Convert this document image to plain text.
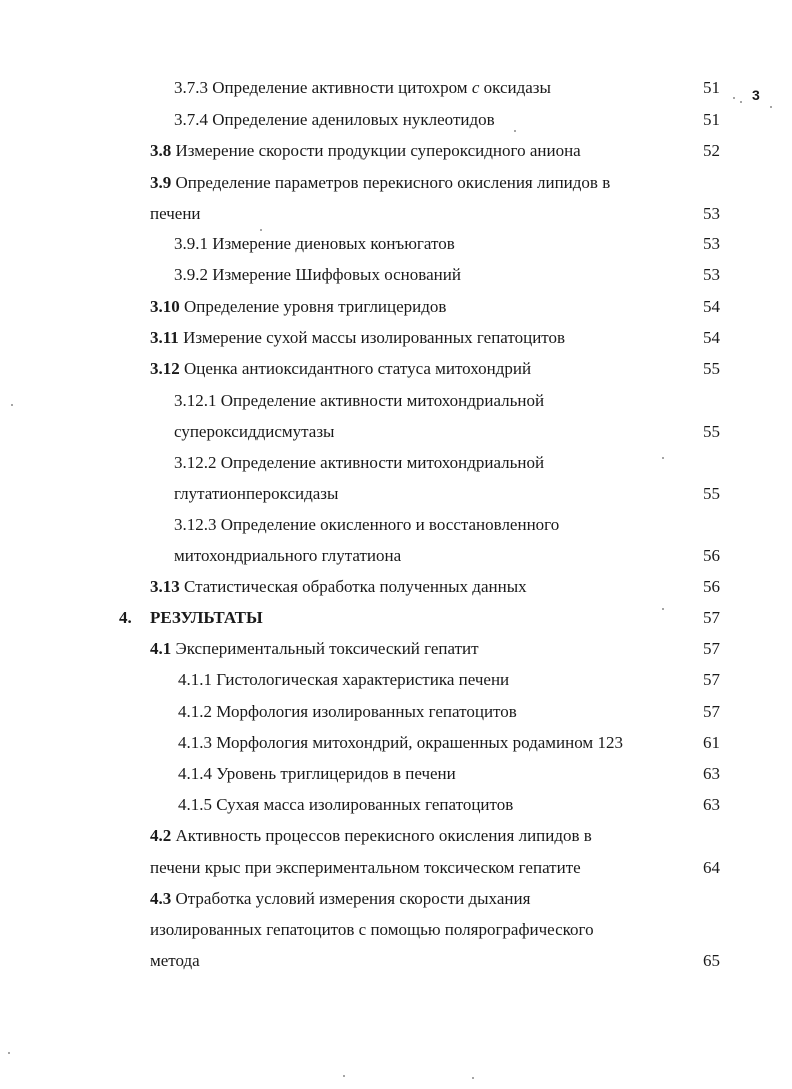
3
3.7.3 Определение активности цитохром c оксидазы	51
3.7.4 Определение адениловых нуклеотидов	51
3.8 Измерение скорости продукции супероксидного аниона	52
3.9 Определение параметров перекисного окисления липидов в
печени	53
3.9.1 Измерение диеновых конъюгатов	53
3.9.2 Измерение Шиффовых оснований	53
3.10 Определение уровня триглицеридов	54
3.11 Измерение сухой массы изолированных гепатоцитов	54
3.12 Оценка антиоксидантного статуса митохондрий	55
3.12.1 Определение активности митохондриальной
супероксиддисмутазы	55
3.12.2 Определение активности митохондриальной
глутатионпероксидазы	55
3.12.3 Определение окисленного и восстановленного
митохондриального глутатиона	56
3.13 Статистическая обработка полученных данных	56
4. РЕЗУЛЬТАТЫ	57
4.1 Экспериментальный токсический гепатит	57
4.1.1 Гистологическая характеристика печени	57
4.1.2 Морфология изолированных гепатоцитов	57
4.1.3 Морфология митохондрий, окрашенных родамином 123	61
4.1.4 Уровень триглицеридов в печени	63
4.1.5 Сухая масса изолированных гепатоцитов	63
4.2 Активность процессов перекисного окисления липидов в
печени крыс при экспериментальном токсическом гепатите	64
4.3 Отработка условий измерения скорости дыхания
изолированных гепатоцитов с помощью полярографического
метода	65
